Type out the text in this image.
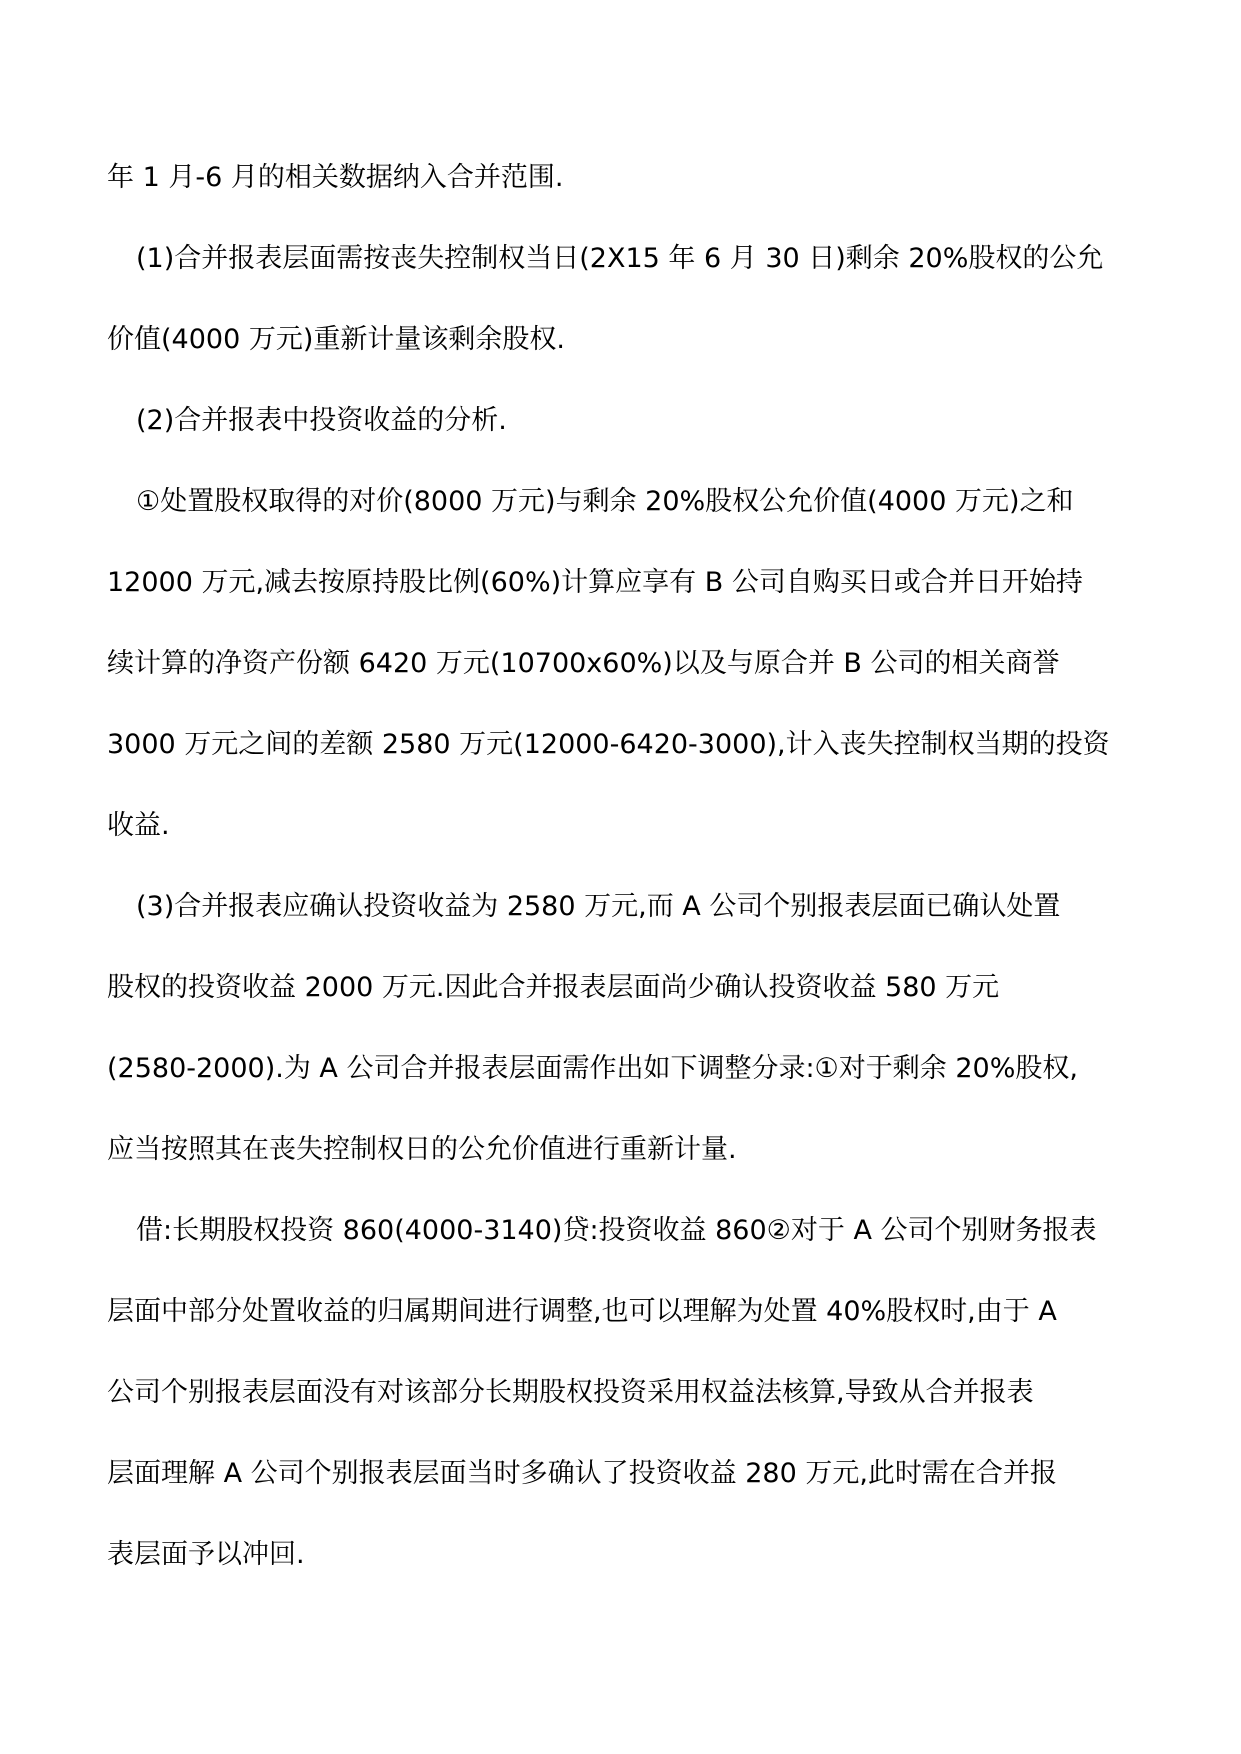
年 1 月-6 月的相关数据纳入合并范围.
(1)合并报表层面需按丧失控制权当日(2X15 年 6 月 30 日)剩余 20%股权的公允
价值(4000 万元)重新计量该剩余股权.
(2)合并报表中投资收益的分析.
①处置股权取得的对价(8000 万元)与剩余 20%股权公允价值(4000 万元)之和
12000 万元,减去按原持股比例(60%)计算应享有 B 公司自购买日或合并日开始持
续计算的净资产份额 6420 万元(10700x60%)以及与原合并 B 公司的相关商誉
3000 万元之间的差额 2580 万元(12000-6420-3000),计入丧失控制权当期的投资
收益.
(3)合并报表应确认投资收益为 2580 万元,而 A 公司个别报表层面已确认处置
股权的投资收益 2000 万元.因此合并报表层面尚少确认投资收益 580 万元
(2580-2000).为 A 公司合并报表层面需作出如下调整分录:①对于剩余 20%股权,
应当按照其在丧失控制权日的公允价值进行重新计量.
借:长期股权投资 860(4000-3140)贷:投资收益 860②对于 A 公司个别财务报表
层面中部分处置收益的归属期间进行调整,也可以理解为处置 40%股权时,由于 A
公司个别报表层面没有对该部分长期股权投资采用权益法核算,导致从合并报表
层面理解 A 公司个别报表层面当时多确认了投资收益 280 万元,此时需在合并报
表层面予以冲回.
